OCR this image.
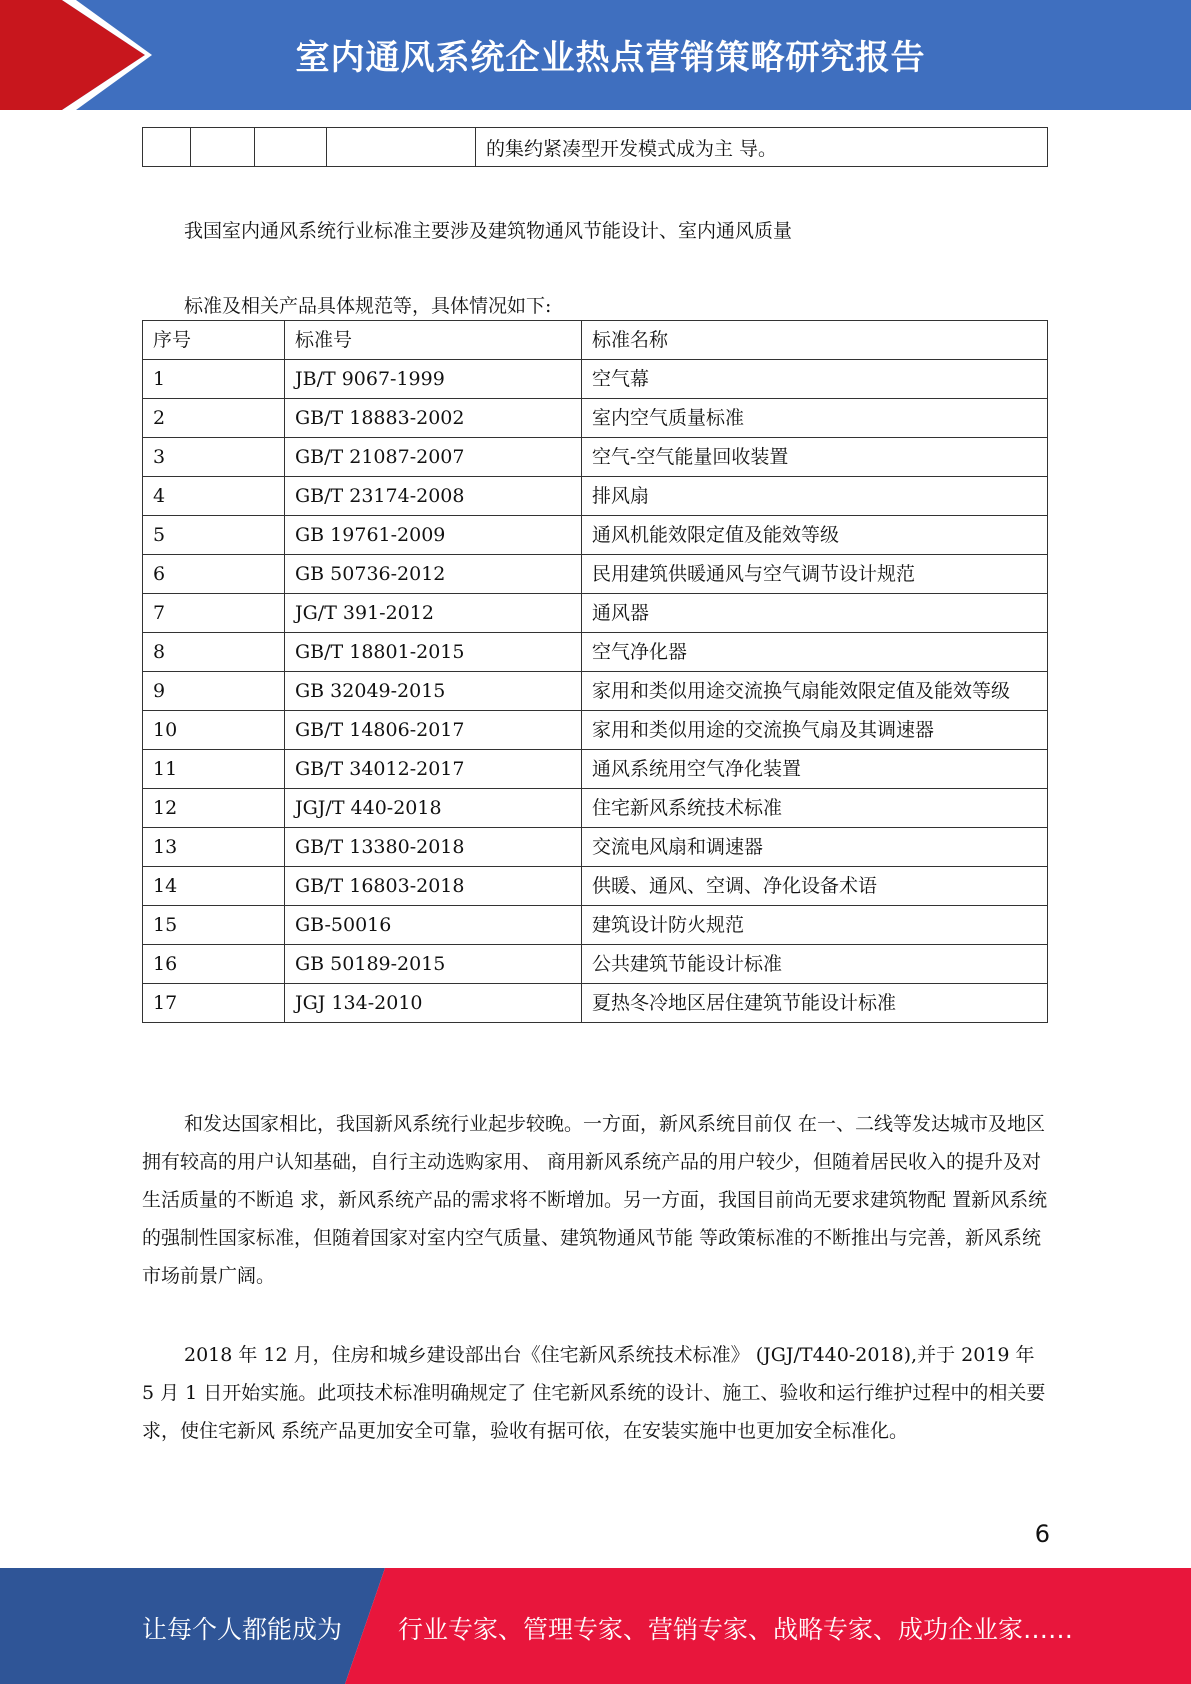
室内通风系统企业热点营销策略研究报告
				的集约紧凑型开发模式成为主 导。

我国室内通风系统行业标准主要涉及建筑物通风节能设计、室内通风质量

标准及相关产品具体规范等，具体情况如下:

序号	标准号	标准名称
1	JB/T 9067-1999	空气幕
2	GB/T 18883-2002	室内空气质量标准
3	GB/T 21087-2007	空气-空气能量回收装置
4	GB/T 23174-2008	排风扇
5	GB 19761-2009	通风机能效限定值及能效等级
6	GB 50736-2012	民用建筑供暖通风与空气调节设计规范
7	JG/T 391-2012	通风器
8	GB/T 18801-2015	空气净化器
9	GB 32049-2015	家用和类似用途交流换气扇能效限定值及能效等级
10	GB/T 14806-2017	家用和类似用途的交流换气扇及其调速器
11	GB/T 34012-2017	通风系统用空气净化装置
12	JGJ/T 440-2018	住宅新风系统技术标准
13	GB/T 13380-2018	交流电风扇和调速器
14	GB/T 16803-2018	供暖、通风、空调、净化设备术语
15	GB-50016	建筑设计防火规范
16	GB 50189-2015	公共建筑节能设计标准
17	JGJ 134-2010	夏热冬冷地区居住建筑节能设计标准

和发达国家相比，我国新风系统行业起步较晚。一方面，新风系统目前仅 在一、二线等发达城市及地区拥有较高的用户认知基础，自行主动选购家用、 商用新风系统产品的用户较少，但随着居民收入的提升及对生活质量的不断追 求，新风系统产品的需求将不断增加。另一方面，我国目前尚无要求建筑物配 置新风系统的强制性国家标准，但随着国家对室内空气质量、建筑物通风节能 等政策标准的不断推出与完善，新风系统市场前景广阔。

2018 年 12 月，住房和城乡建设部出台《住宅新风系统技术标准》 (JGJ/T440-2018),并于 2019 年 5 月 1 日开始实施。此项技术标准明确规定了 住宅新风系统的设计、施工、验收和运行维护过程中的相关要求，使住宅新风 系统产品更加安全可靠，验收有据可依，在安装实施中也更加安全标准化。

6
让每个人都能成为 行业专家、管理专家、营销专家、战略专家、成功企业家……
